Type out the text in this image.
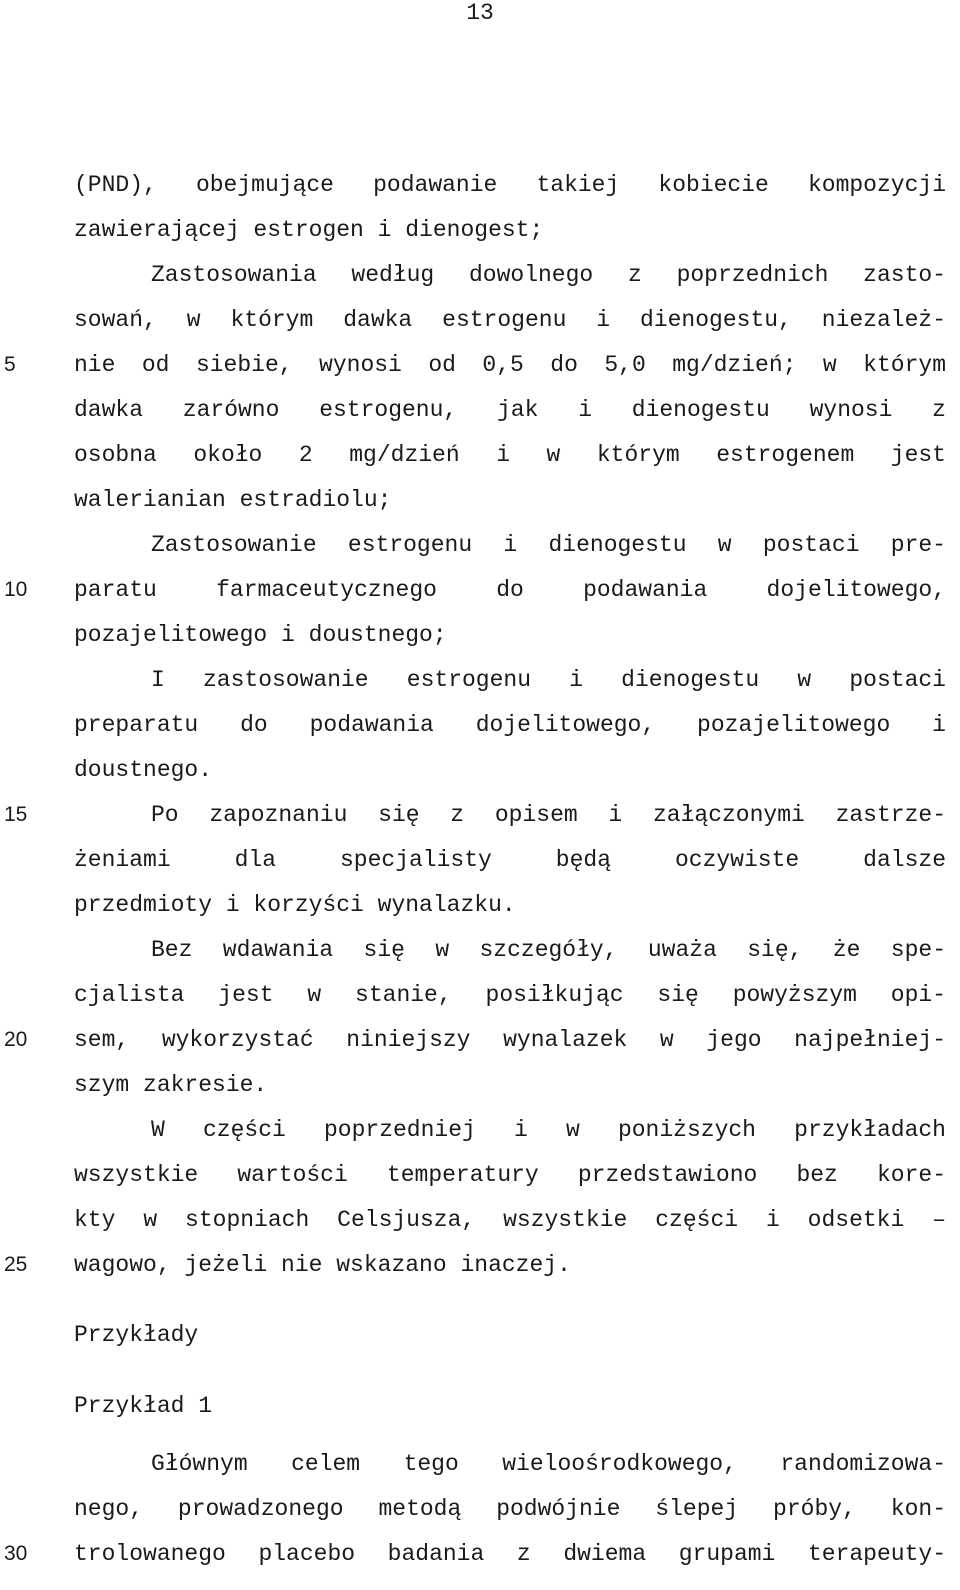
13
(PND), obejmujące podawanie takiej kobiecie kompozycji
zawierającej estrogen i dienogest;
Zastosowania według dowolnego z poprzednich zasto-
sowań, w którym dawka estrogenu i dienogestu, niezależ-
5	nie od siebie, wynosi od 0,5 do 5,0 mg/dzień; w którym
dawka zarówno estrogenu, jak i dienogestu wynosi z
osobna około 2 mg/dzień i w którym estrogenem jest
walerianian estradiolu;
Zastosowanie estrogenu i dienogestu w postaci pre-
10 paratu farmaceutycznego do podawania dojelitowego,
pozajelitowego i doustnego;
I zastosowanie estrogenu i dienogestu w postaci
preparatu do podawania dojelitowego, pozajelitowego i
doustnego.
15	Po zapoznaniu się z opisem i załączonymi zastrze-
żeniami dla specjalisty będą oczywiste dalsze
przedmioty i korzyści wynalazku.
Bez wdawania się w szczegóły, uważa się, że spe-
cjalista jest w stanie, posiłkując się powyższym opi-
20 sem, wykorzystać niniejszy wynalazek w jego najpełniej-
szym zakresie.
W części poprzedniej i w poniższych przykładach
wszystkie wartości temperatury przedstawiono bez kore-
kty w stopniach Celsjusza, wszystkie części i odsetki –
25 wagowo, jeżeli nie wskazano inaczej.
Przykłady
Przykład 1
Głównym celem tego wieloośrodkowego, randomizowa-
nego, prowadzonego metodą podwójnie ślepej próby, kon-
30 trolowanego placebo badania z dwiema grupami terapeuty-
